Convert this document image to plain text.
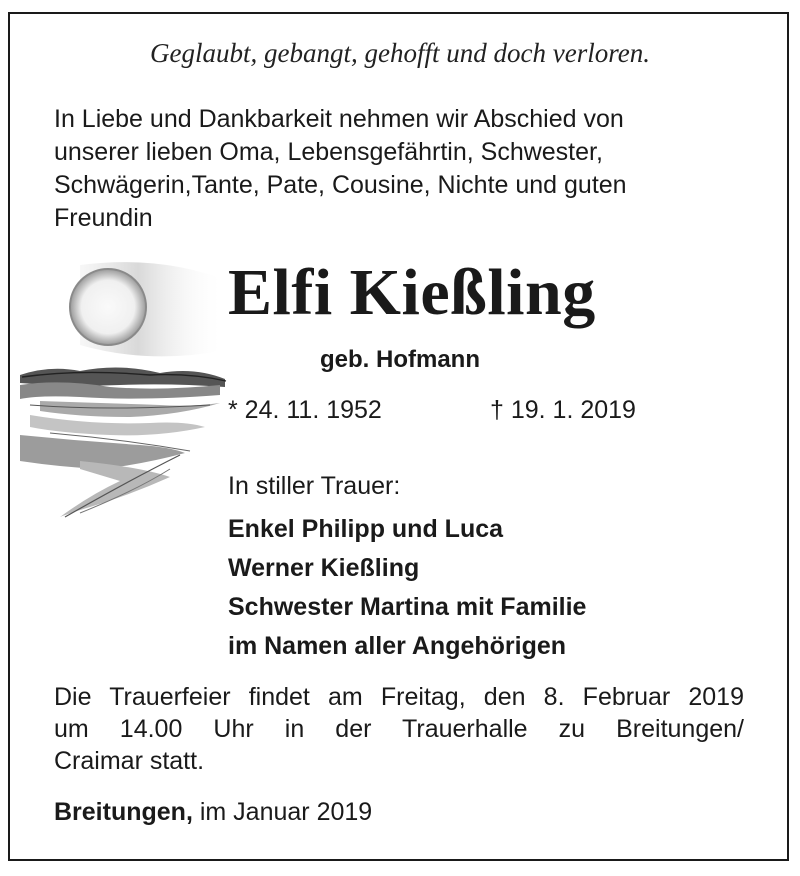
Geglaubt, gebangt, gehofft und doch verloren.
In Liebe und Dankbarkeit nehmen wir Abschied von
unserer lieben Oma, Lebensgefährtin, Schwester,
Schwägerin,Tante, Pate, Cousine, Nichte und guten
Freundin
Elfi Kießling
geb. Hofmann
* 24. 11. 1952	† 19. 1. 2019
In stiller Trauer:
Enkel Philipp und Luca
Werner Kießling
Schwester Martina mit Familie
im Namen aller Angehörigen
Die Trauerfeier findet am Freitag, den 8. Februar 2019
um 14.00 Uhr in der Trauerhalle zu Breitungen/
Craimar statt.
Breitungen, im Januar 2019
